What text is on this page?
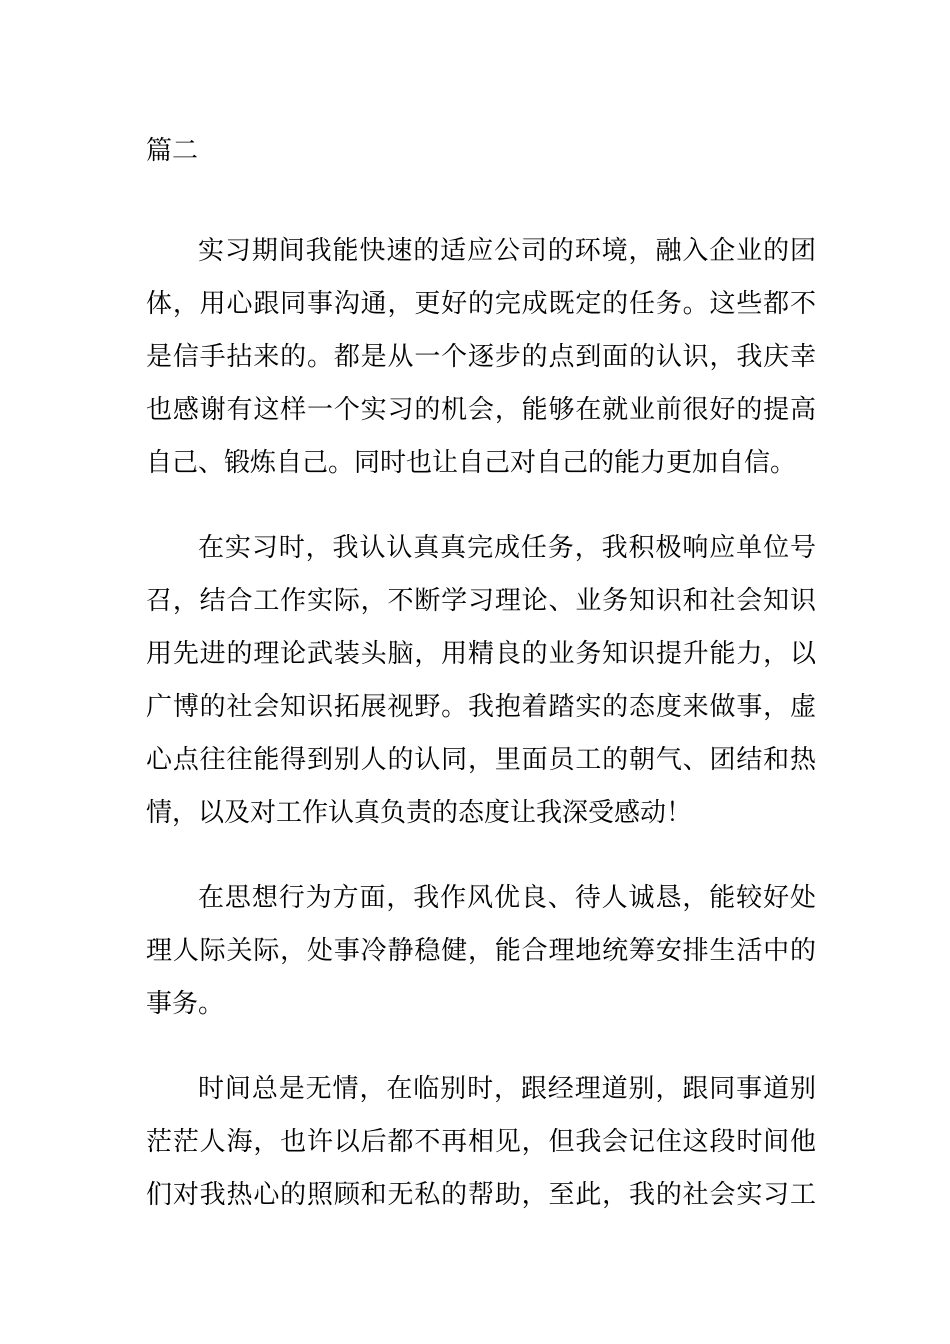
篇二
实习期间我能快速的适应公司的环境，融入企业的团
体，用心跟同事沟通，更好的完成既定的任务。这些都不
是信手拈来的。都是从一个逐步的点到面的认识，我庆幸
也感谢有这样一个实习的机会，能够在就业前很好的提高
自己、锻炼自己。同时也让自己对自己的能力更加自信。
在实习时，我认认真真完成任务，我积极响应单位号
召，结合工作实际，不断学习理论、业务知识和社会知识
用先进的理论武装头脑，用精良的业务知识提升能力，以
广博的社会知识拓展视野。我抱着踏实的态度来做事，虚
心点往往能得到别人的认同，里面员工的朝气、团结和热
情，以及对工作认真负责的态度让我深受感动！
在思想行为方面，我作风优良、待人诚恳，能较好处
理人际关际，处事冷静稳健，能合理地统筹安排生活中的
事务。
时间总是无情，在临别时，跟经理道别，跟同事道别
茫茫人海，也许以后都不再相见，但我会记住这段时间他
们对我热心的照顾和无私的帮助，至此，我的社会实习工
